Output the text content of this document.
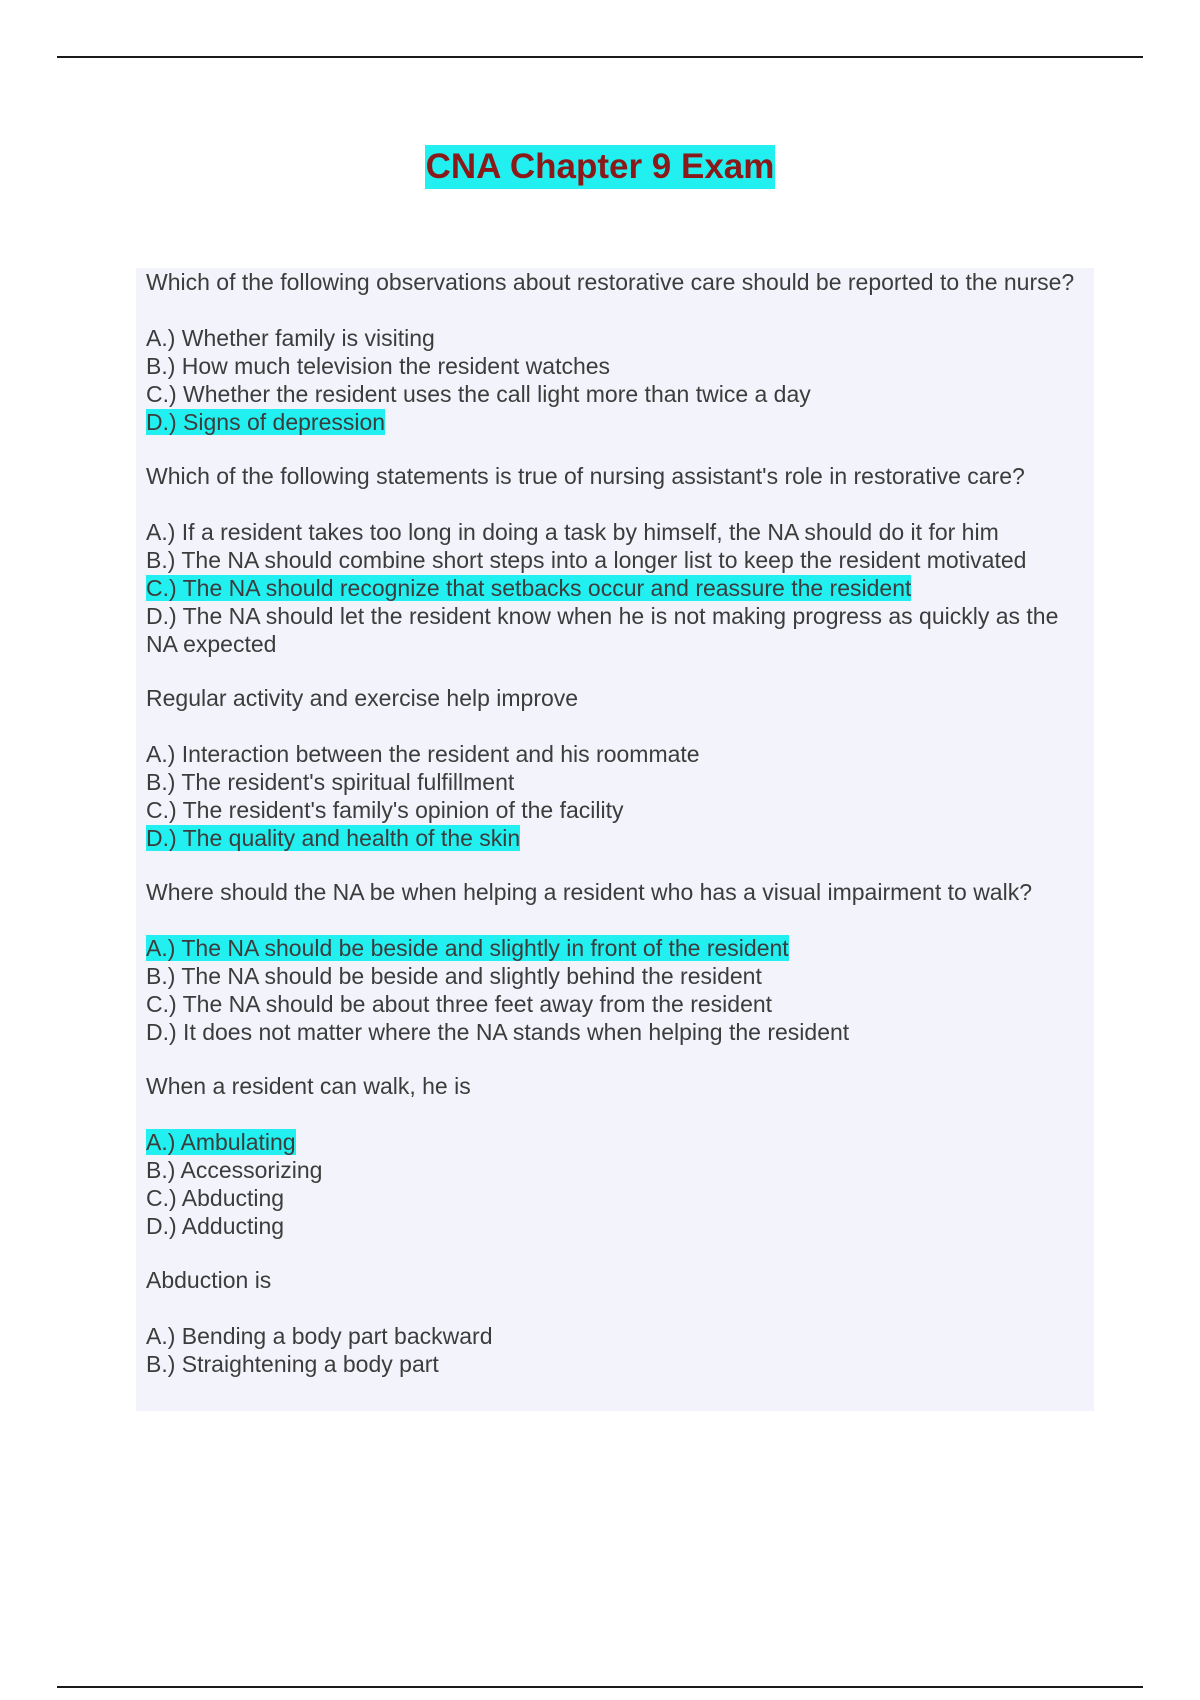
CNA Chapter 9 Exam

Which of the following observations about restorative care should be reported to the nurse?

A.) Whether family is visiting
B.) How much television the resident watches
C.) Whether the resident uses the call light more than twice a day
D.) Signs of depression

Which of the following statements is true of nursing assistant's role in restorative care?

A.) If a resident takes too long in doing a task by himself, the NA should do it for him
B.) The NA should combine short steps into a longer list to keep the resident motivated
C.) The NA should recognize that setbacks occur and reassure the resident
D.) The NA should let the resident know when he is not making progress as quickly as the NA expected

Regular activity and exercise help improve

A.) Interaction between the resident and his roommate
B.) The resident's spiritual fulfillment
C.) The resident's family's opinion of the facility
D.) The quality and health of the skin

Where should the NA be when helping a resident who has a visual impairment to walk?

A.) The NA should be beside and slightly in front of the resident
B.) The NA should be beside and slightly behind the resident
C.) The NA should be about three feet away from the resident
D.) It does not matter where the NA stands when helping the resident

When a resident can walk, he is

A.) Ambulating
B.) Accessorizing
C.) Abducting
D.) Adducting

Abduction is

A.) Bending a body part backward
B.) Straightening a body part
